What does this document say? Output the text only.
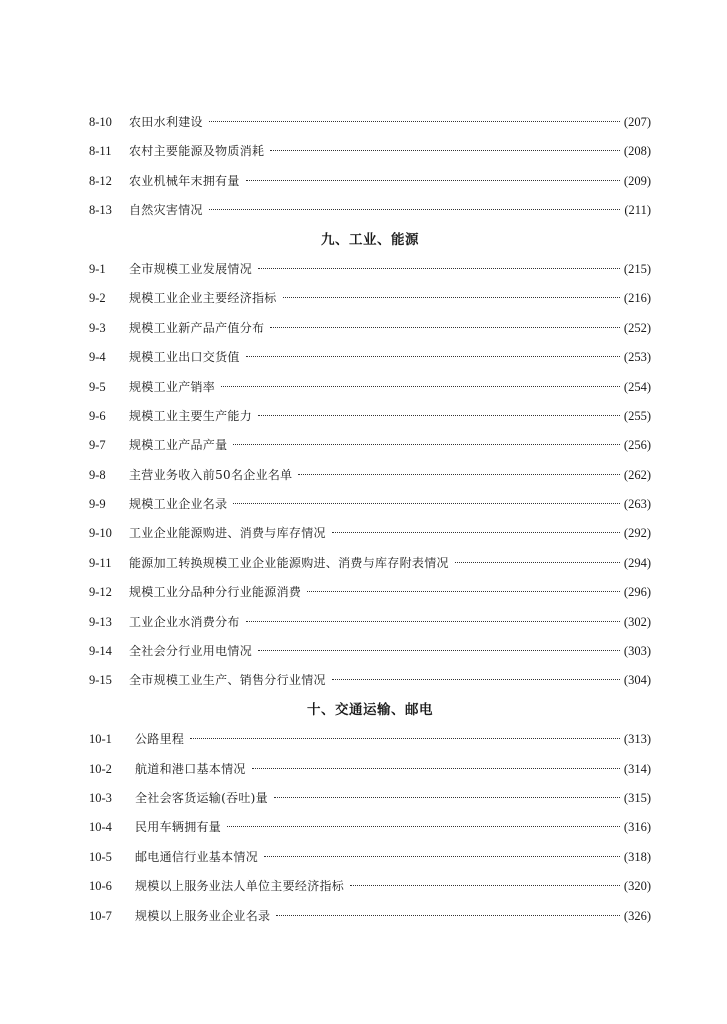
8-10	农田水利建设	(207)
8-11	农村主要能源及物质消耗	(208)
8-12	农业机械年末拥有量	(209)
8-13	自然灾害情况	(211)
九、工业、能源
9-1	全市规模工业发展情况	(215)
9-2	规模工业企业主要经济指标	(216)
9-3	规模工业新产品产值分布	(252)
9-4	规模工业出口交货值	(253)
9-5	规模工业产销率	(254)
9-6	规模工业主要生产能力	(255)
9-7	规模工业产品产量	(256)
9-8	主营业务收入前50名企业名单	(262)
9-9	规模工业企业名录	(263)
9-10	工业企业能源购进、消费与库存情况	(292)
9-11	能源加工转换规模工业企业能源购进、消费与库存附表情况	(294)
9-12	规模工业分品种分行业能源消费	(296)
9-13	工业企业水消费分布	(302)
9-14	全社会分行业用电情况	(303)
9-15	全市规模工业生产、销售分行业情况	(304)
十、交通运输、邮电
10-1	公路里程	(313)
10-2	航道和港口基本情况	(314)
10-3	全社会客货运输(吞吐)量	(315)
10-4	民用车辆拥有量	(316)
10-5	邮电通信行业基本情况	(318)
10-6	规模以上服务业法人单位主要经济指标	(320)
10-7	规模以上服务业企业名录	(326)
